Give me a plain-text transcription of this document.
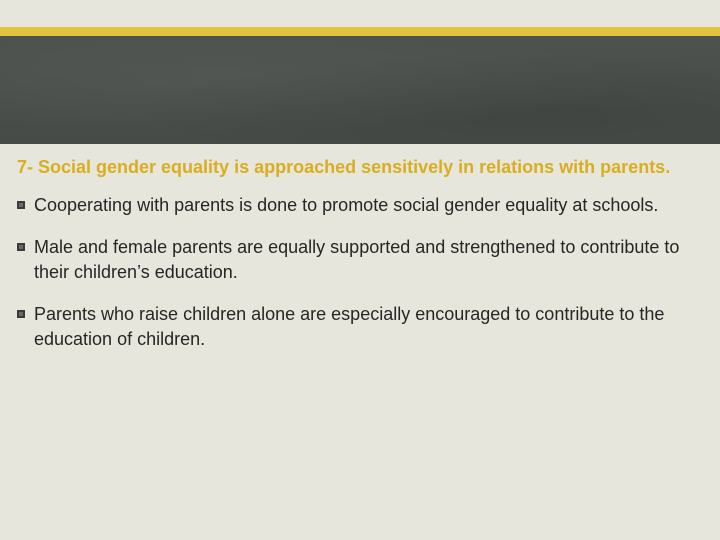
7- Social gender equality is approached sensitively in relations with parents.
Cooperating with parents is done to promote social gender equality at schools.
Male and female parents are equally supported and strengthened to contribute to their children’s education.
Parents who raise children alone are especially encouraged to contribute to the education of children.
